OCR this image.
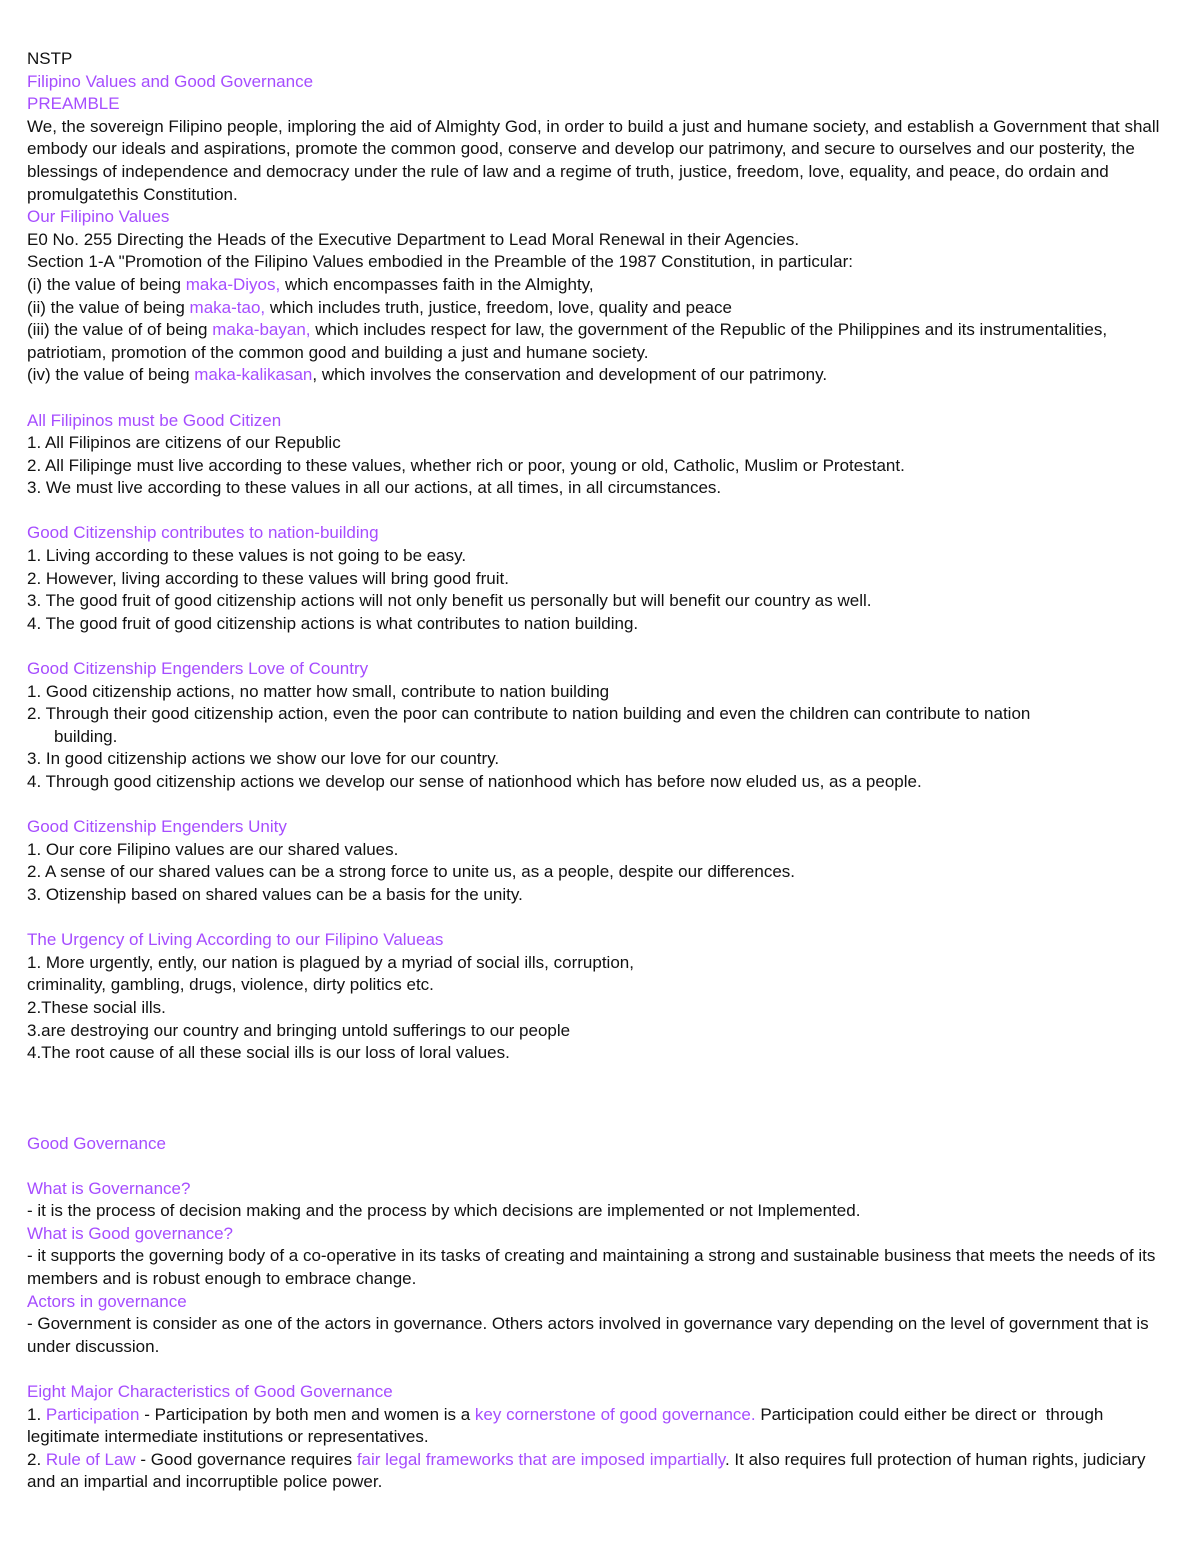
NSTP
Filipino Values and Good Governance
PREAMBLE
We, the sovereign Filipino people, imploring the aid of Almighty God, in order to build a just and humane society, and establish a Government that shall embody our ideals and aspirations, promote the common good, conserve and develop our patrimony, and secure to ourselves and our posterity, the blessings of independence and democracy under the rule of law and a regime of truth, justice, freedom, love, equality, and peace, do ordain and promulgatethis Constitution.
Our Filipino Values
E0 No. 255 Directing the Heads of the Executive Department to Lead Moral Renewal in their Agencies.
Section 1-A "Promotion of the Filipino Values embodied in the Preamble of the 1987 Constitution, in particular:
(i) the value of being maka-Diyos, which encompasses faith in the Almighty,
(ii) the value of being maka-tao, which includes truth, justice, freedom, love, quality and peace
(iii) the value of of being maka-bayan, which includes respect for law, the government of the Republic of the Philippines and its instrumentalities, patriotiam, promotion of the common good and building a just and humane society.
(iv) the value of being maka-kalikasan, which involves the conservation and development of our patrimony.
All Filipinos must be Good Citizen
1. All Filipinos are citizens of our Republic
2. All Filipinge must live according to these values, whether rich or poor, young or old, Catholic, Muslim or Protestant.
3. We must live according to these values in all our actions, at all times, in all circumstances.
Good Citizenship contributes to nation-building
1. Living according to these values is not going to be easy.
2. However, living according to these values will bring good fruit.
3. The good fruit of good citizenship actions will not only benefit us personally but will benefit our country as well.
4. The good fruit of good citizenship actions is what contributes to nation building.
Good Citizenship Engenders Love of Country
1. Good citizenship actions, no matter how small, contribute to nation building
2. Through their good citizenship action, even the poor can contribute to nation building and even the children can contribute to nation
building.
3. In good citizenship actions we show our love for our country.
4. Through good citizenship actions we develop our sense of nationhood which has before now eluded us, as a people.
Good Citizenship Engenders Unity
1. Our core Filipino values are our shared values.
2. A sense of our shared values can be a strong force to unite us, as a people, despite our differences.
3. Otizenship based on shared values can be a basis for the unity.
The Urgency of Living According to our Filipino Valueas
1. More urgently, ently, our nation is plagued by a myriad of social ills, corruption,
criminality, gambling, drugs, violence, dirty politics etc.
2.These social ills.
3.are destroying our country and bringing untold sufferings to our people
4.The root cause of all these social ills is our loss of loral values.
Good Governance
What is Governance?
- it is the process of decision making and the process by which decisions are implemented or not Implemented.
What is Good governance?
- it supports the governing body of a co-operative in its tasks of creating and maintaining a strong and sustainable business that meets the needs of its members and is robust enough to embrace change.
Actors in governance
- Government is consider as one of the actors in governance. Others actors involved in governance vary depending on the level of government that is under discussion.
Eight Major Characteristics of Good Governance
1. Participation - Participation by both men and women is a key cornerstone of good governance. Participation could either be direct or  through legitimate intermediate institutions or representatives.
2. Rule of Law - Good governance requires fair legal frameworks that are imposed impartially. It also requires full protection of human rights, judiciary and an impartial and incorruptible police power.
